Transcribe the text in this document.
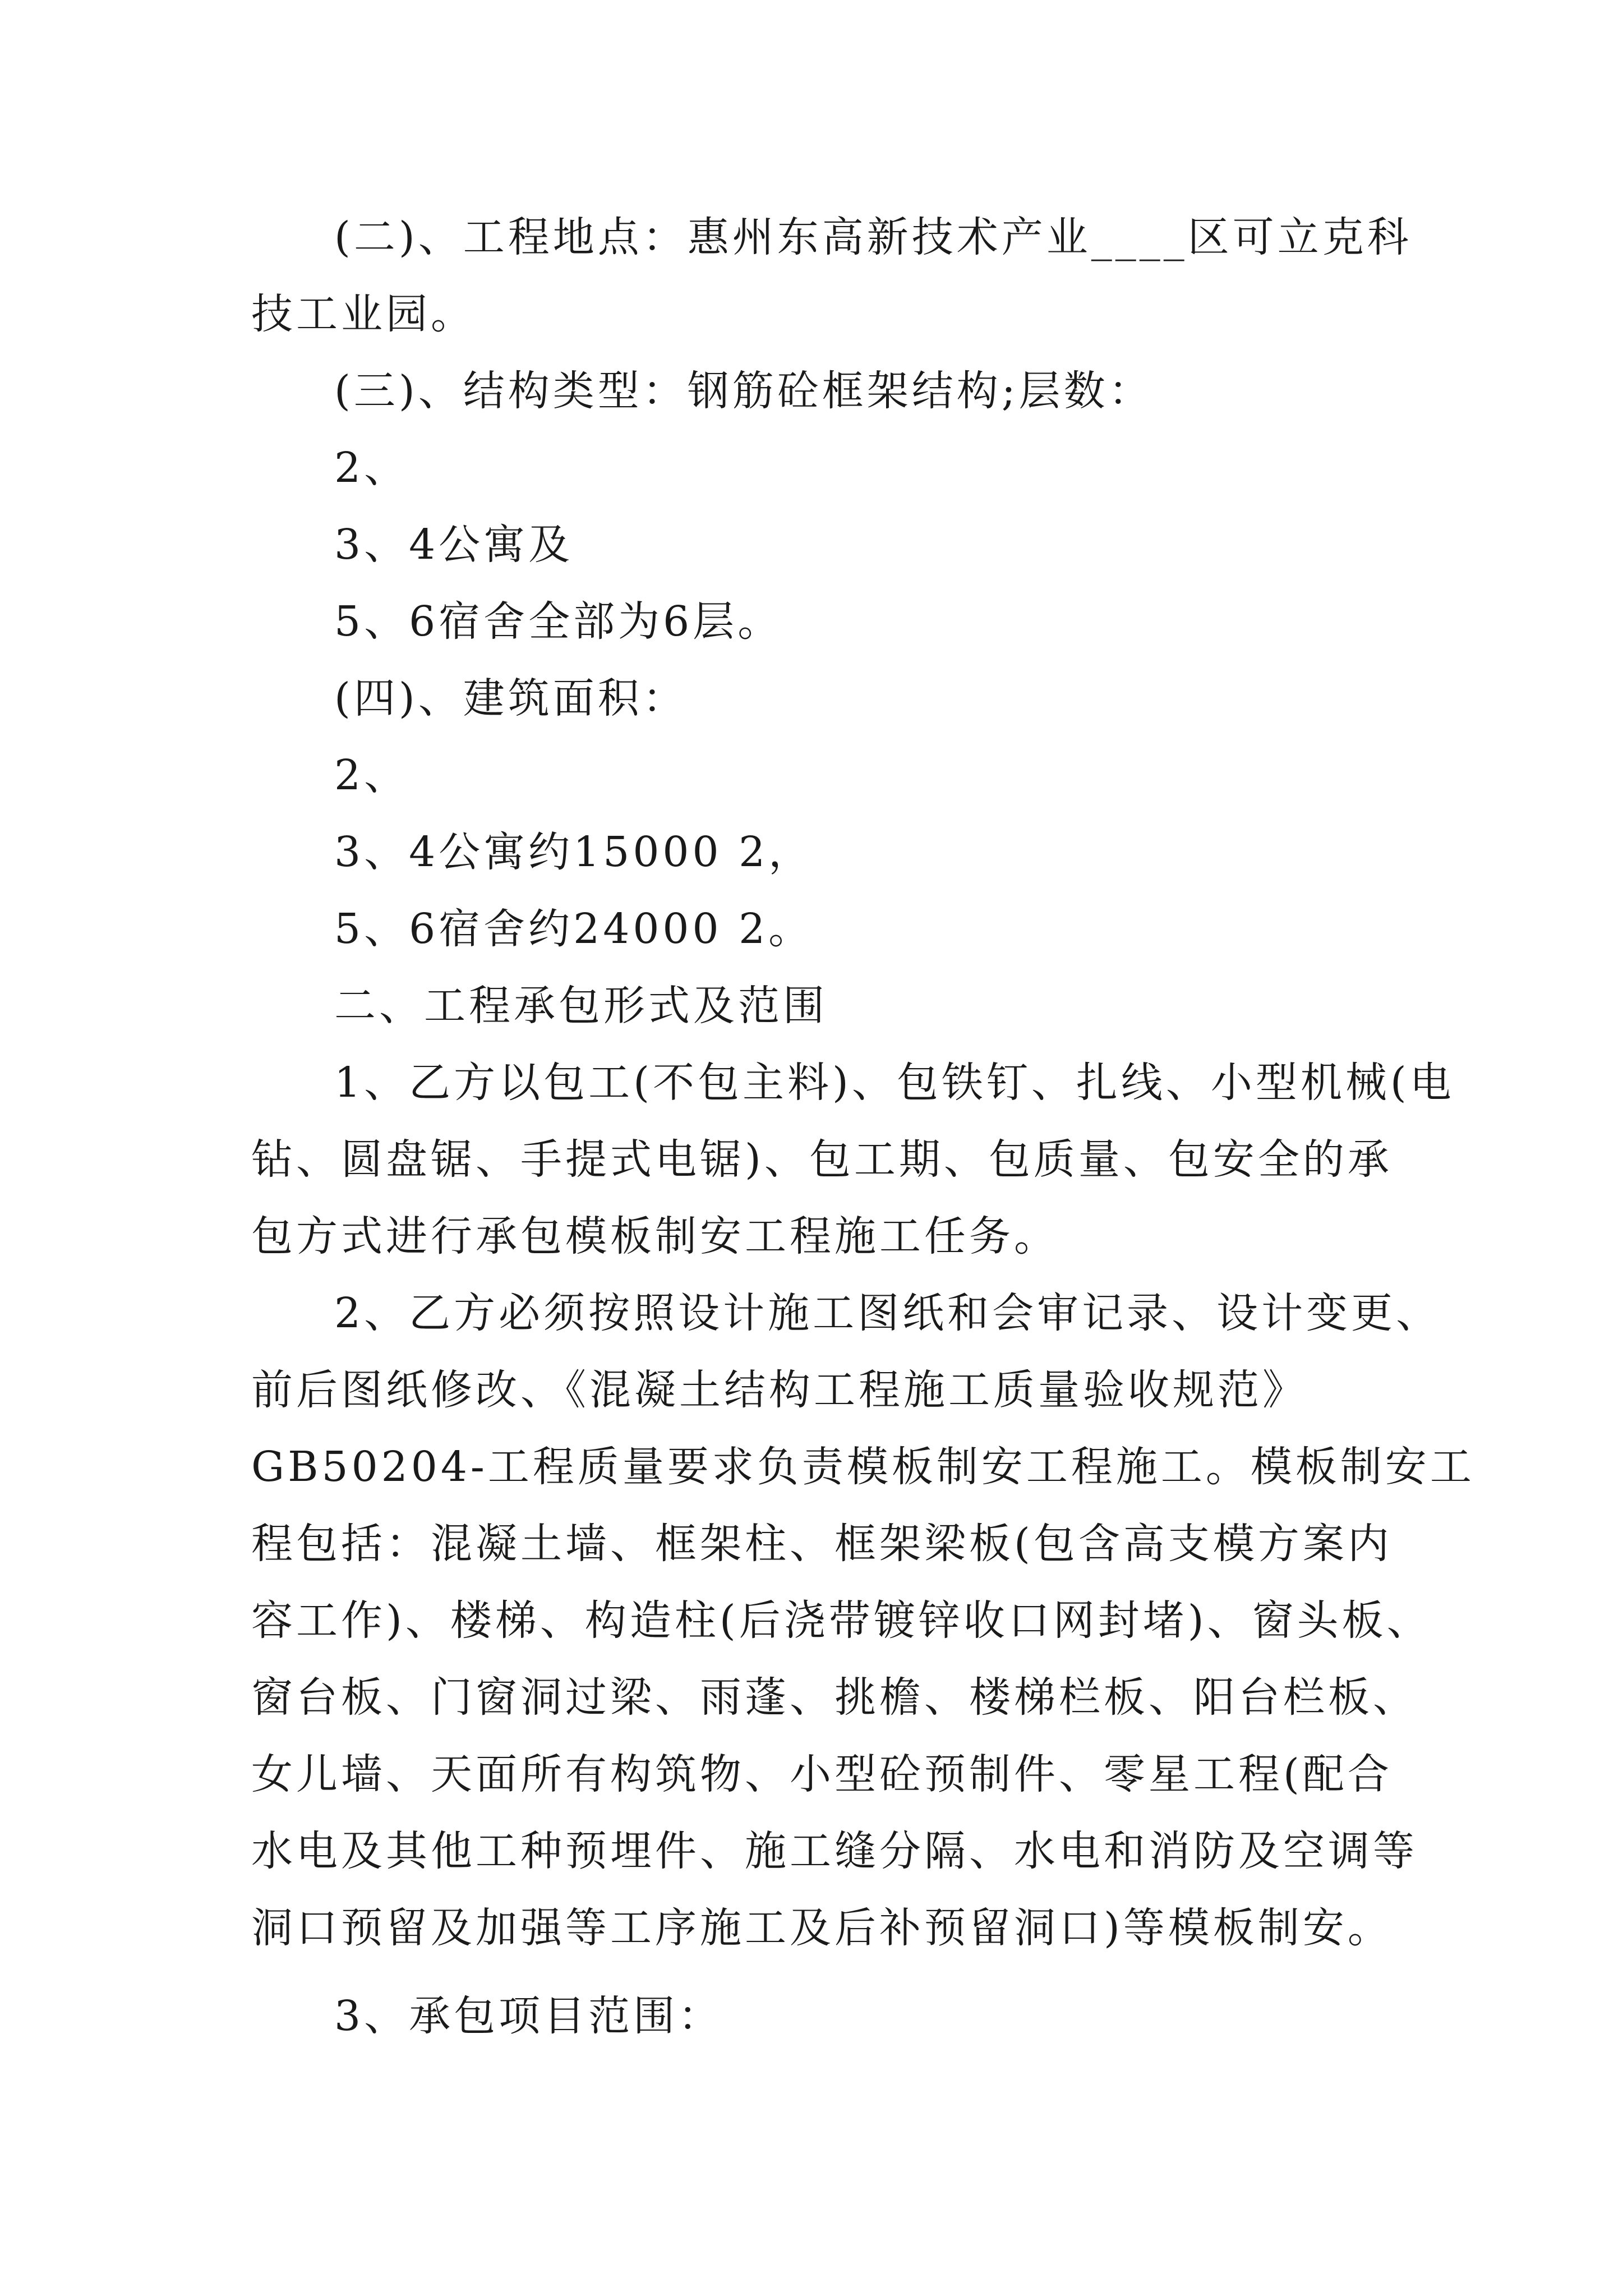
(二)、工程地点：惠州东高新技术产业____区可立克科
技工业园。
(三)、结构类型：钢筋砼框架结构;层数：
2、
3、4公寓及
5、6宿舍全部为6层。
(四)、建筑面积：
2、
3、4公寓约15000 2，
5、6宿舍约24000 2。
二、工程承包形式及范围
1、乙方以包工(不包主料)、包铁钉、扎线、小型机械(电
钻、圆盘锯、手提式电锯)、包工期、包质量、包安全的承
包方式进行承包模板制安工程施工任务。
2、乙方必须按照设计施工图纸和会审记录、设计变更、
前后图纸修改、《混凝土结构工程施工质量验收规范》
GB50204-工程质量要求负责模板制安工程施工。模板制安工
程包括：混凝土墙、框架柱、框架梁板(包含高支模方案内
容工作)、楼梯、构造柱(后浇带镀锌收口网封堵)、窗头板、
窗台板、门窗洞过梁、雨蓬、挑檐、楼梯栏板、阳台栏板、
女儿墙、天面所有构筑物、小型砼预制件、零星工程(配合
水电及其他工种预埋件、施工缝分隔、水电和消防及空调等
洞口预留及加强等工序施工及后补预留洞口)等模板制安。
3、承包项目范围：
